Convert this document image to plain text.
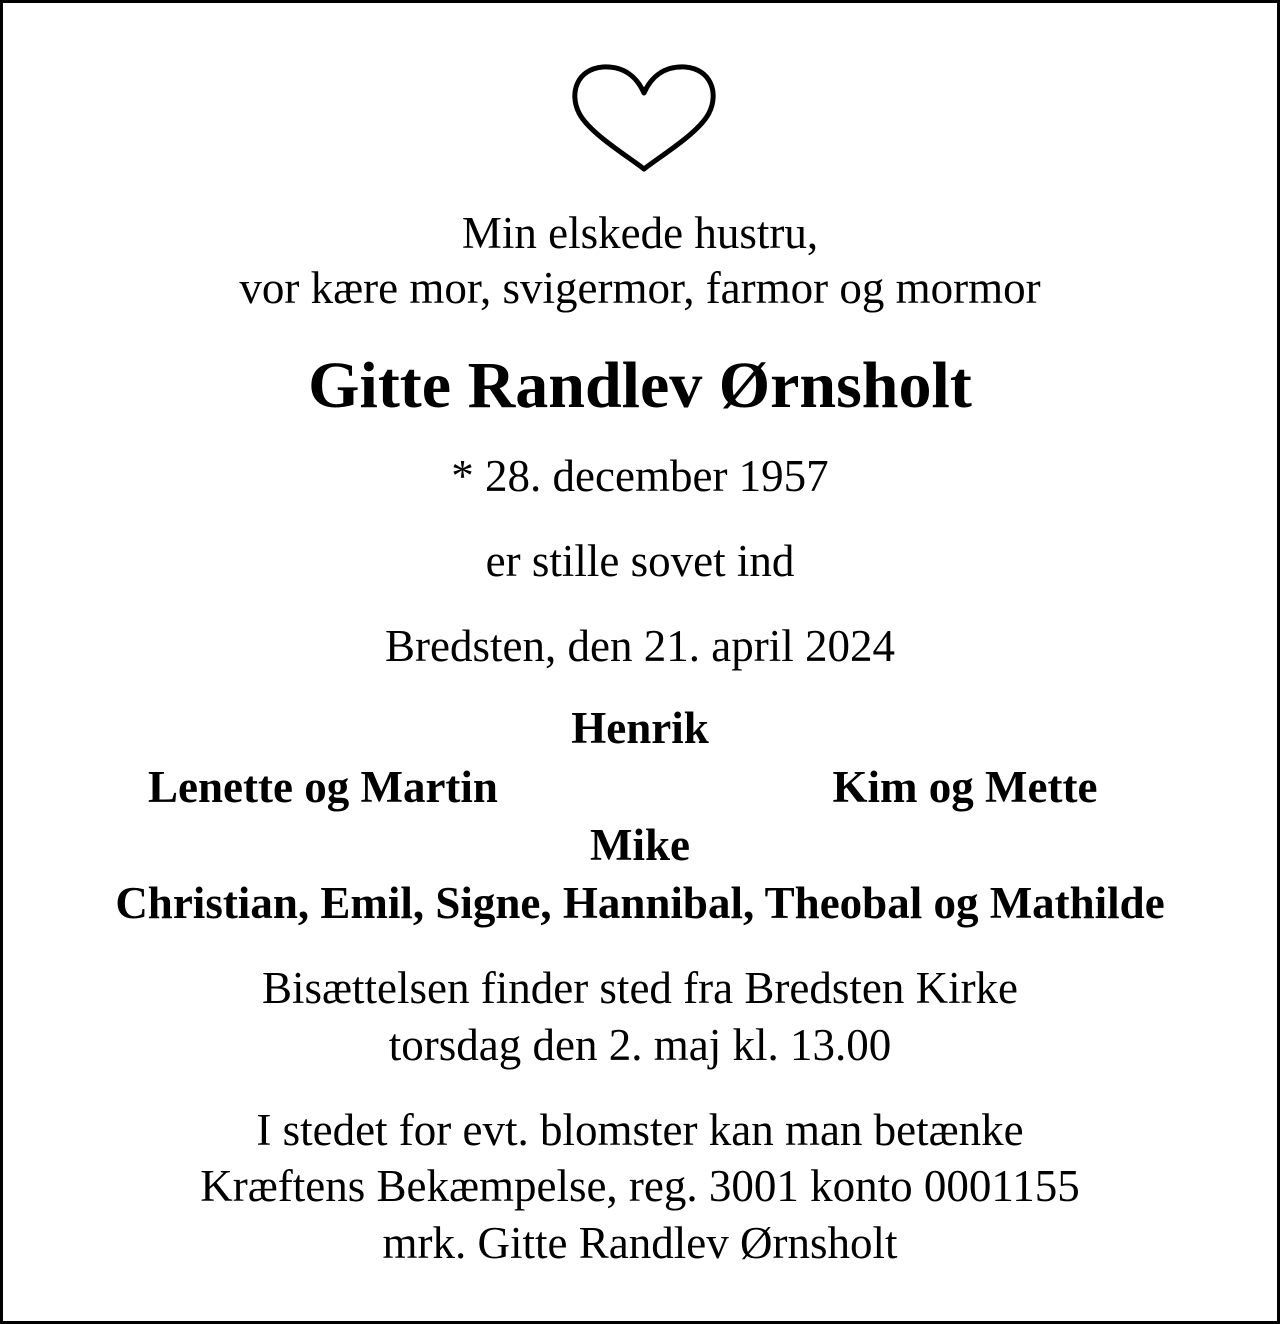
Min elskede hustru,
vor kære mor, svigermor, farmor og mormor
Gitte Randlev Ørnsholt
* 28. december 1957
er stille sovet ind
Bredsten, den 21. april 2024
Henrik
Lenette og Martin	Kim og Mette
Mike
Christian, Emil, Signe, Hannibal, Theobal og Mathilde
Bisættelsen finder sted fra Bredsten Kirke
torsdag den 2. maj kl. 13.00
I stedet for evt. blomster kan man betænke
Kræftens Bekæmpelse, reg. 3001 konto 0001155
mrk. Gitte Randlev Ørnsholt
